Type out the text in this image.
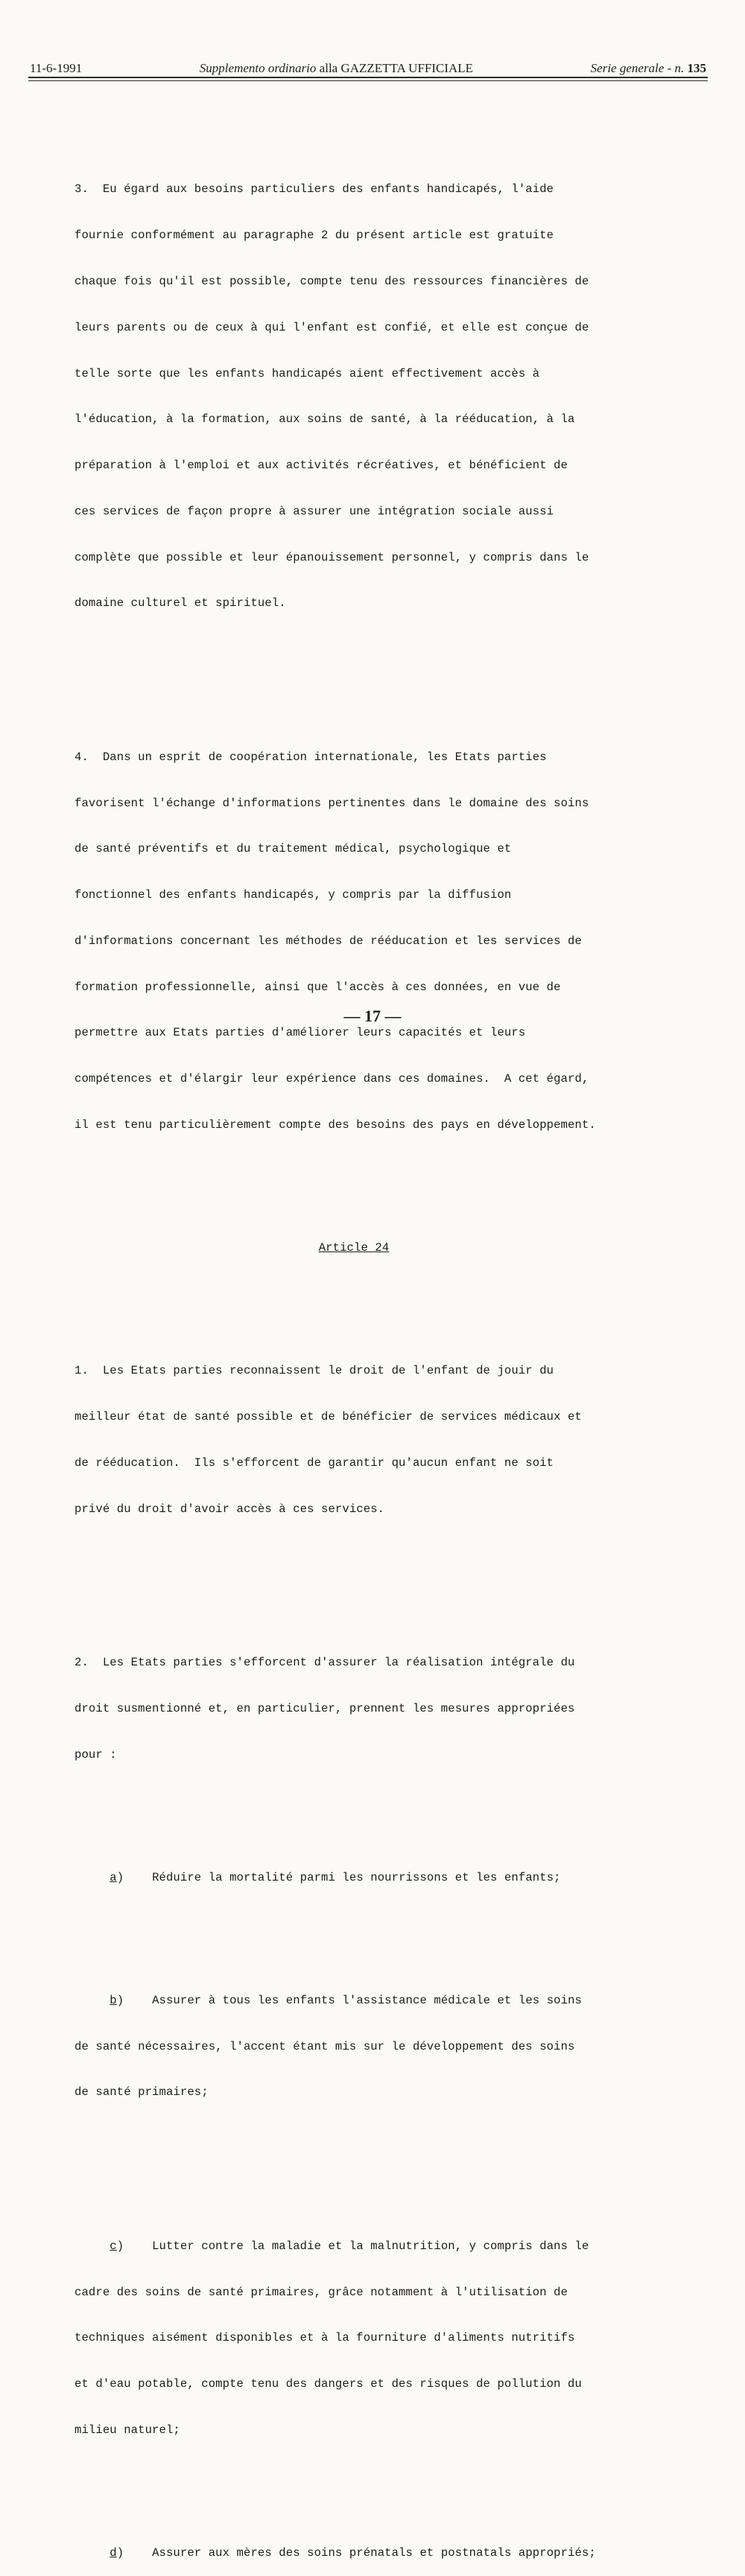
11-6-1991	Supplemento ordinario alla GAZZETTA UFFICIALE	Serie generale - n. 135

3.  Eu égard aux besoins particuliers des enfants handicapés, l'aide

fournie conformément au paragraphe 2 du présent article est gratuite

chaque fois qu'il est possible, compte tenu des ressources financières de

leurs parents ou de ceux à qui l'enfant est confié, et elle est conçue de

telle sorte que les enfants handicapés aient effectivement accès à

l'éducation, à la formation, aux soins de santé, à la rééducation, à la

préparation à l'emploi et aux activités récréatives, et bénéficient de

ces services de façon propre à assurer une intégration sociale aussi

complète que possible et leur épanouissement personnel, y compris dans le

domaine culturel et spirituel.

4.  Dans un esprit de coopération internationale, les Etats parties

favorisent l'échange d'informations pertinentes dans le domaine des soins

de santé préventifs et du traitement médical, psychologique et

fonctionnel des enfants handicapés, y compris par la diffusion

d'informations concernant les méthodes de rééducation et les services de

formation professionnelle, ainsi que l'accès à ces données, en vue de

permettre aux Etats parties d'améliorer leurs capacités et leurs

compétences et d'élargir leur expérience dans ces domaines.  A cet égard,

il est tenu particulièrement compte des besoins des pays en développement.

Article 24

1.  Les Etats parties reconnaissent le droit de l'enfant de jouir du

meilleur état de santé possible et de bénéficier de services médicaux et

de rééducation.  Ils s'efforcent de garantir qu'aucun enfant ne soit

privé du droit d'avoir accès à ces services.

2.  Les Etats parties s'efforcent d'assurer la réalisation intégrale du

droit susmentionné et, en particulier, prennent les mesures appropriées

pour :

a)    Réduire la mortalité parmi les nourrissons et les enfants;

b)    Assurer à tous les enfants l'assistance médicale et les soins

de santé nécessaires, l'accent étant mis sur le développement des soins

de santé primaires;

c)    Lutter contre la maladie et la malnutrition, y compris dans le

cadre des soins de santé primaires, grâce notamment à l'utilisation de

techniques aisément disponibles et à la fourniture d'aliments nutritifs

et d'eau potable, compte tenu des dangers et des risques de pollution du

milieu naturel;

d)    Assurer aux mères des soins prénatals et postnatals appropriés;

— 17 —
